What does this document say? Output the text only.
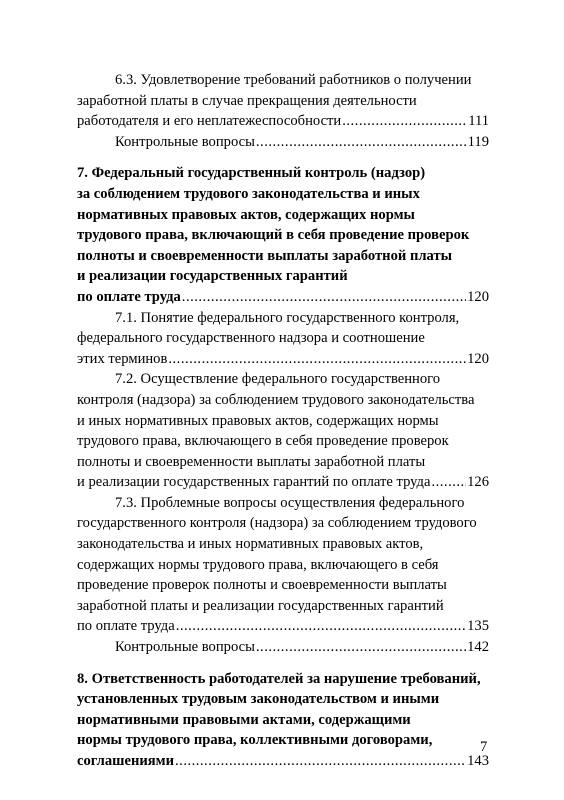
6.3. Удовлетворение требований работников о получении
заработной платы в случае прекращения деятельности
работодателя и его неплатежеспособности .....	111
Контрольные вопросы .....	119
7. Федеральный государственный контроль (надзор)
за соблюдением трудового законодательства и иных
нормативных правовых актов, содержащих нормы
трудового права, включающий в себя проведение проверок
полноты и своевременности выплаты заработной платы
и реализации государственных гарантий
по оплате труда .....	120
7.1. Понятие федерального государственного контроля,
федерального государственного надзора и соотношение
этих терминов .....	120
7.2. Осуществление федерального государственного
контроля (надзора) за соблюдением трудового законодательства
и иных нормативных правовых актов, содержащих нормы
трудового права, включающего в себя проведение проверок
полноты и своевременности выплаты заработной платы
и реализации государственных гарантий по оплате труда .....	126
7.3. Проблемные вопросы осуществления федерального
государственного контроля (надзора) за соблюдением трудового
законодательства и иных нормативных правовых актов,
содержащих нормы трудового права, включающего в себя
проведение проверок полноты и своевременности выплаты
заработной платы и реализации государственных гарантий
по оплате труда .....	135
Контрольные вопросы .....	142
8. Ответственность работодателей за нарушение требований,
установленных трудовым законодательством и иными
нормативными правовыми актами, содержащими
нормы трудового права, коллективными договорами,
соглашениями .....	143
7
